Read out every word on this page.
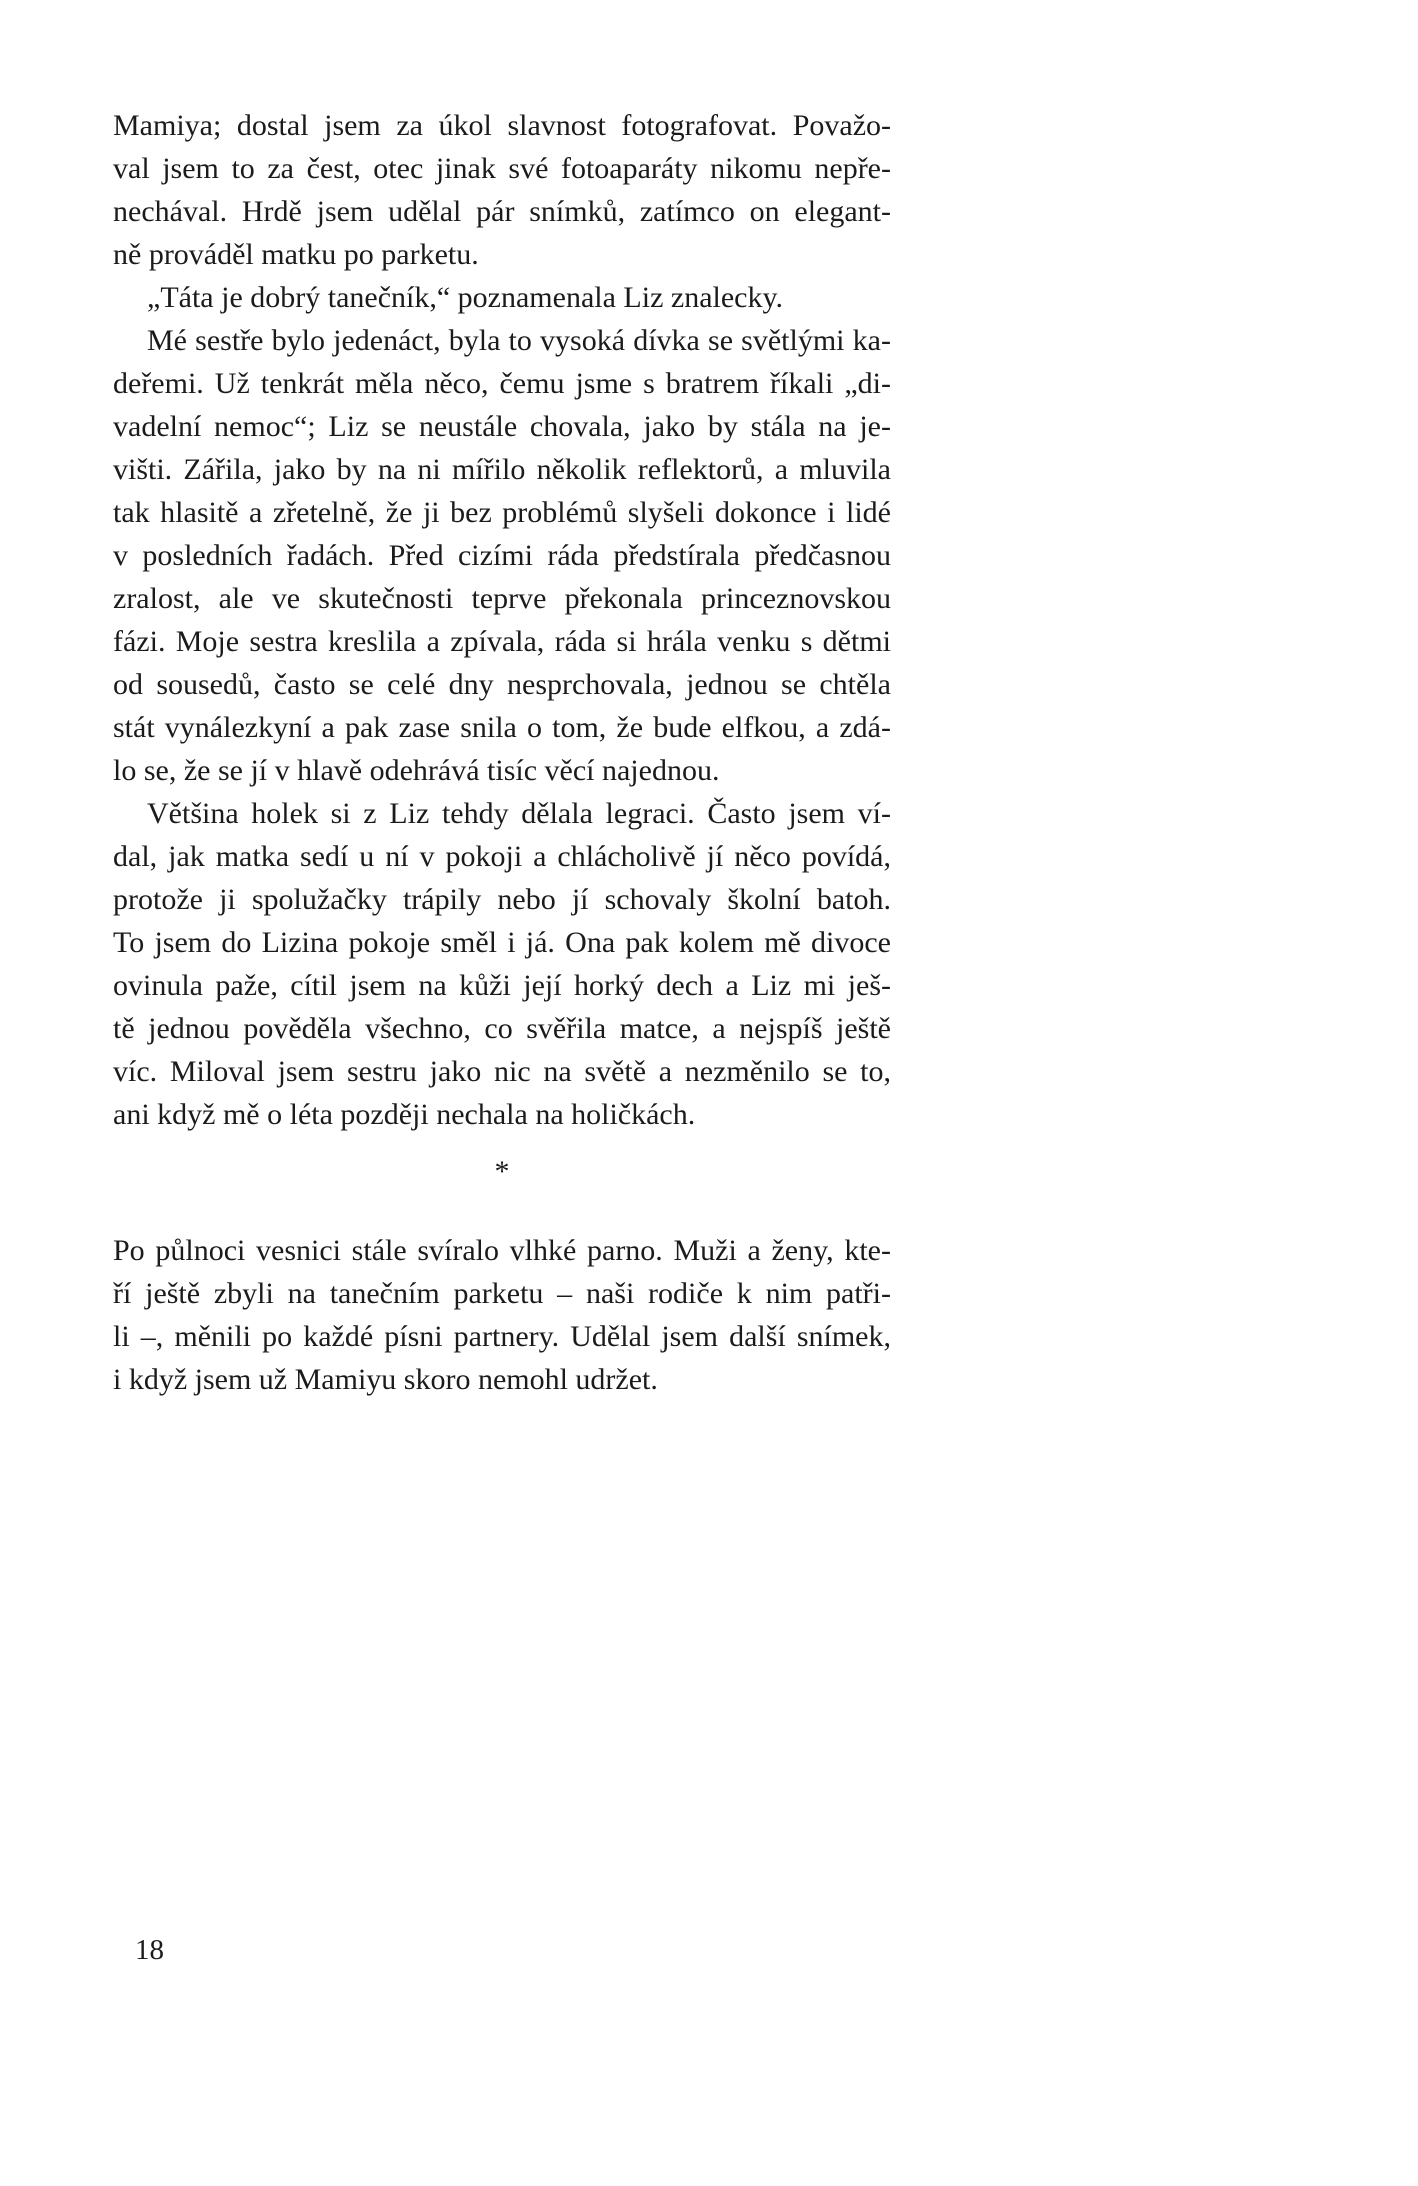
Mamiya; dostal jsem za úkol slavnost fotografovat. Považo-
val jsem to za čest, otec jinak své fotoaparáty nikomu nepře-
nechával. Hrdě jsem udělal pár snímků, zatímco on elegant-
ně prováděl matku po parketu.
„Táta je dobrý tanečník,“ poznamenala Liz znalecky.
Mé sestře bylo jedenáct, byla to vysoká dívka se světlými ka-
deřemi. Už tenkrát měla něco, čemu jsme s bratrem říkali „di-
vadelní nemoc“; Liz se neustále chovala, jako by stála na je-
višti. Zářila, jako by na ni mířilo několik reflektorů, a mluvila
tak hlasitě a zřetelně, že ji bez problémů slyšeli dokonce i lidé
v posledních řadách. Před cizími ráda předstírala předčasnou
zralost, ale ve skutečnosti teprve překonala princeznovskou
fázi. Moje sestra kreslila a zpívala, ráda si hrála venku s dětmi
od sousedů, často se celé dny nesprchovala, jednou se chtěla
stát vynálezkyní a pak zase snila o tom, že bude elfkou, a zdá-
lo se, že se jí v hlavě odehrává tisíc věcí najednou.
Většina holek si z Liz tehdy dělala legraci. Často jsem ví-
dal, jak matka sedí u ní v pokoji a chlácholivě jí něco povídá,
protože ji spolužačky trápily nebo jí schovaly školní batoh.
To jsem do Lizina pokoje směl i já. Ona pak kolem mě divoce
ovinula paže, cítil jsem na kůži její horký dech a Liz mi ješ-
tě jednou pověděla všechno, co svěřila matce, a nejspíš ještě
víc. Miloval jsem sestru jako nic na světě a nezměnilo se to,
ani když mě o léta později nechala na holičkách.
*
Po půlnoci vesnici stále svíralo vlhké parno. Muži a ženy, kte-
ří ještě zbyli na tanečním parketu – naši rodiče k nim patři-
li –, měnili po každé písni partnery. Udělal jsem další snímek,
i když jsem už Mamiyu skoro nemohl udržet.
18
